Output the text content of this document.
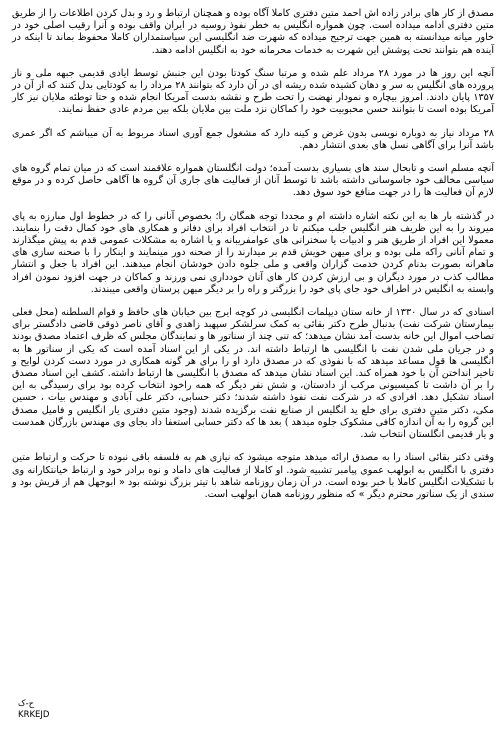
مصدق از کار های برادر زاده اش احمد متین دفتری کاملا آگاه بوده و همچنان ارتباط و رد و بدل کردن اطلاعات را از طریق متین دفتری ادامه میداده است. چون همواره انگلیس به خطر نفوذ روسیه در ایران واقف بوده و آنرا رقیب اصلی خود در خاور میانه میدانسته به همین جهت ترجیح میداده که شهرت ضد انگلیسی این سیاستمداران کاملا محفوظ بماند تا اینکه در آینده هم بتوانند تحت پوشش این شهرت به خدمات محرمانه خود به انگلیس ادامه دهند.

آنچه این روز ها در مورد ۲۸ مرداد علم شده و مرتبا سنگ کودتا بودن این جنبش توسط ایادی قدیمی جبهه ملی و ناز پرورده های انگلیس به سر و دهان کشیده شده ریشه ای در آن دارد که بتوانند ۲۸ مرداد را به کودتایی بدل کنند که از آن در ۱۳۵۷ پایان دادند. امروز بیچاره و نمودار نهضت را تحت طرح و نقشه بدست آمریکا انجام شده و حتا توطئه ملایان نیز کار آمریکا بوده است تا بتوانند حسن محبوبیت خود را کماکان نزد ملت بین ملایان بلکه بین مردم عادی حفظ نمایند.

۲۸ مرداد نیاز به دوباره نویسی بدون غرض و کینه دارد که مشغول جمع آوری اسناد مربوط به آن میباشم که اگر عمری باشد آنرا برای آگاهی نسل های بعدی انتشار دهم.

آنچه مسلم است و تابحال سند های بسیاری بدست آمده؛ دولت انگلستان همواره علاقمند است که در میان تمام گروه های سیاسی مخالف خود جاسوسانی داشته باشد تا توسط آنان از فعالیت های جاری آن گروه ها آگاهی حاصل کرده و در موقع لازم آن فعالیت ها را در جهت منافع خود سوق دهد.

در گذشته بار ها به این نکته اشاره داشته ام و مجددا توجه همگان را؛ بخصوص آنانی را که در خطوط اول مبارزه به پای میروند را به این ظریف هنر انگلیس جلب میکنم تا در انتخاب افراد برای دفاتر و همکاری های خود کمال دقت را بنمایند. معمولا این افراد از طریق هنر و ادبیات یا سخنرانی های عوامفریبانه و یا اشاره به مشکلات عمومی قدم به پیش میگذارند و تمام آنانی راکه ملی بوده و برای میهن خویش قدم بر میدارند را از صحنه دور مینمایند و اینکار را با صحنه سازی های ماهرانه بصورت بدنام کردن خدمت گزاران واقعی و ملی جلوه دادن خودشان انجام میدهند. این افراد با جعل و انتشار مطالب کذب در مورد دیگران و بی ارزش کردن کار های آنان خودداری نمی ورزند و کماکان در جهت افزود نمودن افراد وابسته به انگلیس در اطراف خود جای پای خود را بزرگتر و راه را بر دیگر میهن پرستان واقعی میبندند.

اسنادی که در سال ۱۳۳۰ از خانه ستان دیپلمات انگلیسی در کوچه ایرج بین خیابان های حافظ و قوام السلطنه (محل فعلی بیمارستان شرکت نفت) بدنبال طرح دکتر بقائی به کمک سرلشکر سپهبد زاهدی و آقای ناصر ذوقی قاضی دادگستر برای تصاحب اموال این خانه بدست آمد نشان میدهد؛ که تنی چند از سناتور ها و نمایندگان مجلس که ظرف اعتماد مصدق بودند و در جریان ملی شدن نفت با انگلیسی ها ارتباط داشته اند. در یکی از این اسناد آمده است که یکی از سناتور ها به انگلیسی ها قول مساعد میدهد که با نفوذی که در مصدق دارد او را برای هر گونه همکاری در مورد دست کردن لوایح و تاخیر انداختن آن با خود همراه کند. این اسناد نشان میدهد که مصدق با انگلیسی ها ارتباط داشته. کشف این اسناد مصدق را بر آن داشت تا کمیسیونی مرکب از دادستان، و شش نفر دیگر که همه راخود انتخاب کرده بود برای رسیدگی به این اسناد تشکیل دهد. افرادی که در شرکت نفت نفوذ داشته شدند؛ دکتر حسابی، دکتر علی آبادی و مهندس بیات ، حسین مکی، دکتر متین دفتری برای خلع ید انگلیس از صنایع نفت برگزیده شدند (وجود متین دفتری یار انگلیس و فامیل مصدق این گروه را به آن اندازه کافی مشکوک جلوه میدهد ) بعد ها که دکتر حسابی استعفا داد بجای وی مهندس بازرگان همدست و یار قدیمی انگلستان انتخاب شد.

وقتی دکتر بقائی اسناد را به مصدق ارائه میدهد متوجه میشود که نیازی هم به فلسفه باقی نبوده تا حرکت و ارتباط متین دفتری با انگلیس به ابولهب عموی پیامبر تشبیه شود. او کاملا از فعالیت های داماد و نوه برادر خود و ارتباط خیانتکارانه وی با تشکیلات انگلیس کاملا با خبر بوده است. در آن زمان روزنامه شاهد با تیتر بزرگ نوشته بود « ابوجهل هم از قریش بود و سندی از یک سناتور محترم دیگر » که منظور روزنامه همان ابولهب است.

ح-ک
KRKEJD
